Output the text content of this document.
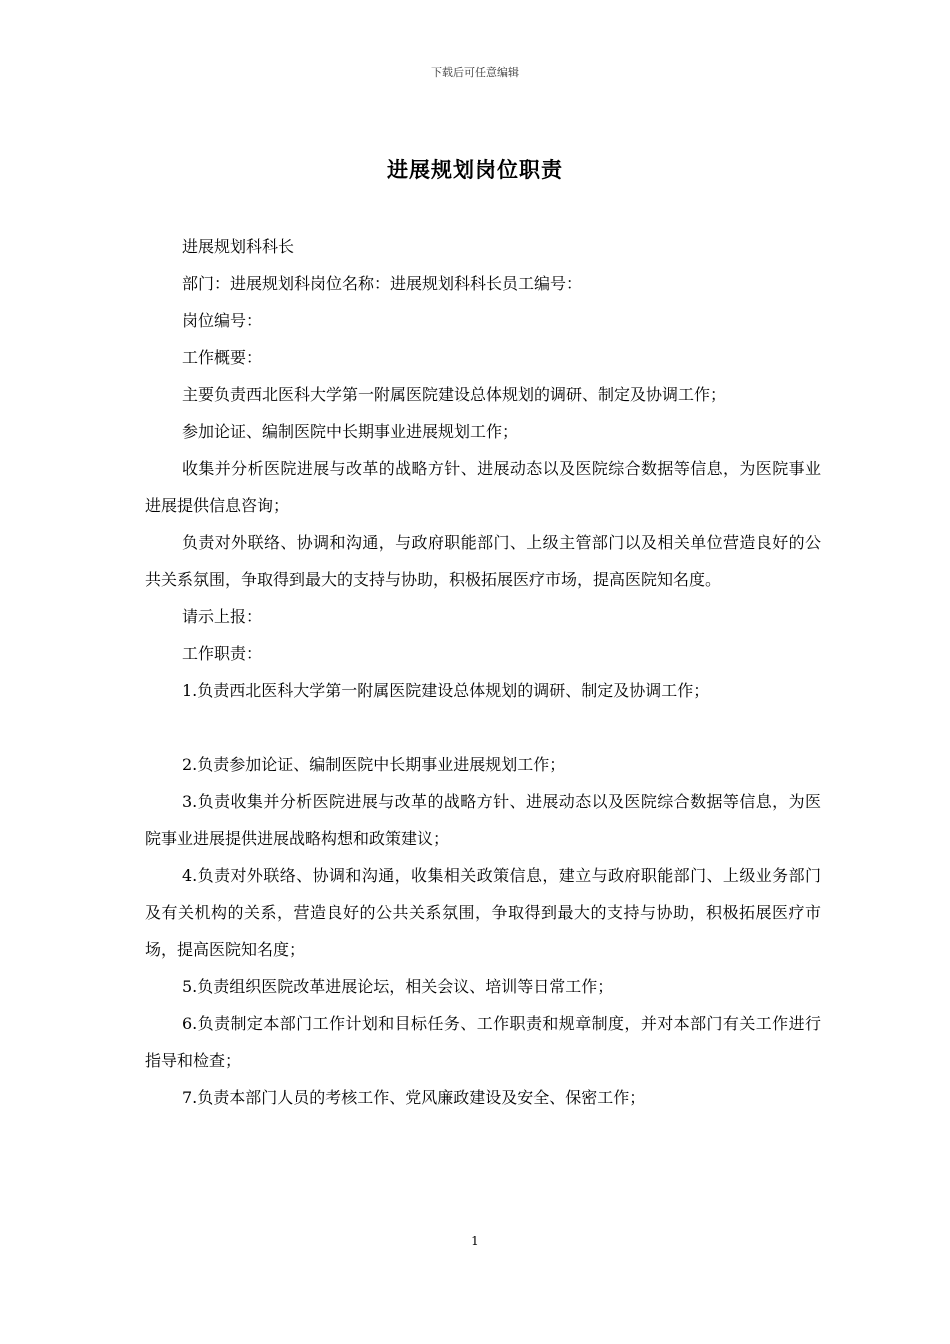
下载后可任意编辑
进展规划岗位职责

进展规划科科长

部门：进展规划科岗位名称：进展规划科科长员工编号：

岗位编号：

工作概要：

主要负责西北医科大学第一附属医院建设总体规划的调研、制定及协调工作；

参加论证、编制医院中长期事业进展规划工作；

收集并分析医院进展与改革的战略方针、进展动态以及医院综合数据等信息，为医院事业进展提供信息咨询；

负责对外联络、协调和沟通，与政府职能部门、上级主管部门以及相关单位营造良好的公共关系氛围，争取得到最大的支持与协助，积极拓展医疗市场，提高医院知名度。

请示上报：

工作职责：

1.负责西北医科大学第一附属医院建设总体规划的调研、制定及协调工作；

2.负责参加论证、编制医院中长期事业进展规划工作；

3.负责收集并分析医院进展与改革的战略方针、进展动态以及医院综合数据等信息，为医院事业进展提供进展战略构想和政策建议；

4.负责对外联络、协调和沟通，收集相关政策信息，建立与政府职能部门、上级业务部门及有关机构的关系，营造良好的公共关系氛围，争取得到最大的支持与协助，积极拓展医疗市场，提高医院知名度；

5.负责组织医院改革进展论坛，相关会议、培训等日常工作；

6.负责制定本部门工作计划和目标任务、工作职责和规章制度，并对本部门有关工作进行指导和检查；

7.负责本部门人员的考核工作、党风廉政建设及安全、保密工作；

1
